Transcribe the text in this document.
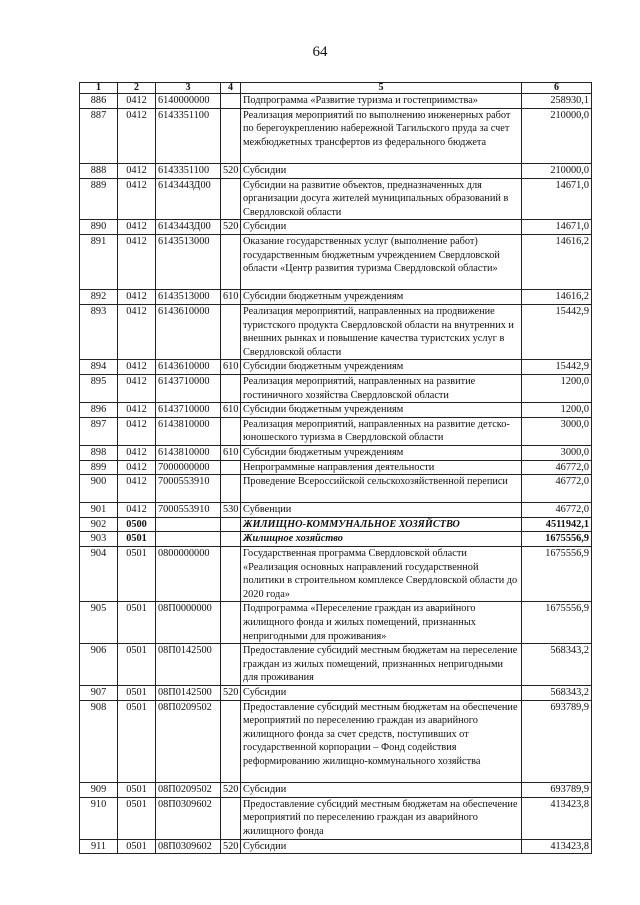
64
1	2	3	4	5	6
886	0412	6140000000		Подпрограмма «Развитие туризма и гостеприимства»	258930,1
887	0412	6143351100		Реализация мероприятий по выполнению инженерных работ по берегоукреплению набережной Тагильского пруда за счет межбюджетных трансфертов из федерального бюджета	210000,0
888	0412	6143351100	520	Субсидии	210000,0
889	0412	614344ЗД00		Субсидии на развитие объектов, предназначенных для организации досуга жителей муниципальных образований в Свердловской области	14671,0
890	0412	614344ЗД00	520	Субсидии	14671,0
891	0412	6143513000		Оказание государственных услуг (выполнение работ) государственным бюджетным учреждением Свердловской области «Центр развития туризма Свердловской области»	14616,2
892	0412	6143513000	610	Субсидии бюджетным учреждениям	14616,2
893	0412	6143610000		Реализация мероприятий, направленных на продвижение туристского продукта Свердловской области на внутренних и внешних рынках и повышение качества туристских услуг в Свердловской области	15442,9
894	0412	6143610000	610	Субсидии бюджетным учреждениям	15442,9
895	0412	6143710000		Реализация мероприятий, направленных на развитие гостиничного хозяйства Свердловской области	1200,0
896	0412	6143710000	610	Субсидии бюджетным учреждениям	1200,0
897	0412	6143810000		Реализация мероприятий, направленных на развитие детско-юношеского туризма в Свердловской области	3000,0
898	0412	6143810000	610	Субсидии бюджетным учреждениям	3000,0
899	0412	7000000000		Непрограммные направления деятельности	46772,0
900	0412	7000553910		Проведение Всероссийской сельскохозяйственной переписи	46772,0
901	0412	7000553910	530	Субвенции	46772,0
902	0500			ЖИЛИЩНО-КОММУНАЛЬНОЕ ХОЗЯЙСТВО	4511942,1
903	0501			Жилищное хозяйство	1675556,9
904	0501	0800000000		Государственная программа Свердловской области «Реализация основных направлений государственной политики в строительном комплексе Свердловской области до 2020 года»	1675556,9
905	0501	08П0000000		Подпрограмма «Переселение граждан из аварийного жилищного фонда и жилых помещений, признанных непригодными для проживания»	1675556,9
906	0501	08П0142500		Предоставление субсидий местным бюджетам на переселение граждан из жилых помещений, признанных непригодными для проживания	568343,2
907	0501	08П0142500	520	Субсидии	568343,2
908	0501	08П0209502		Предоставление субсидий местным бюджетам на обеспечение мероприятий по переселению граждан из аварийного жилищного фонда за счет средств, поступивших от государственной корпорации – Фонд содействия реформированию жилищно-коммунального хозяйства	693789,9
909	0501	08П0209502	520	Субсидии	693789,9
910	0501	08П0309602		Предоставление субсидий местным бюджетам на обеспечение мероприятий по переселению граждан из аварийного жилищного фонда	413423,8
911	0501	08П0309602	520	Субсидии	413423,8
